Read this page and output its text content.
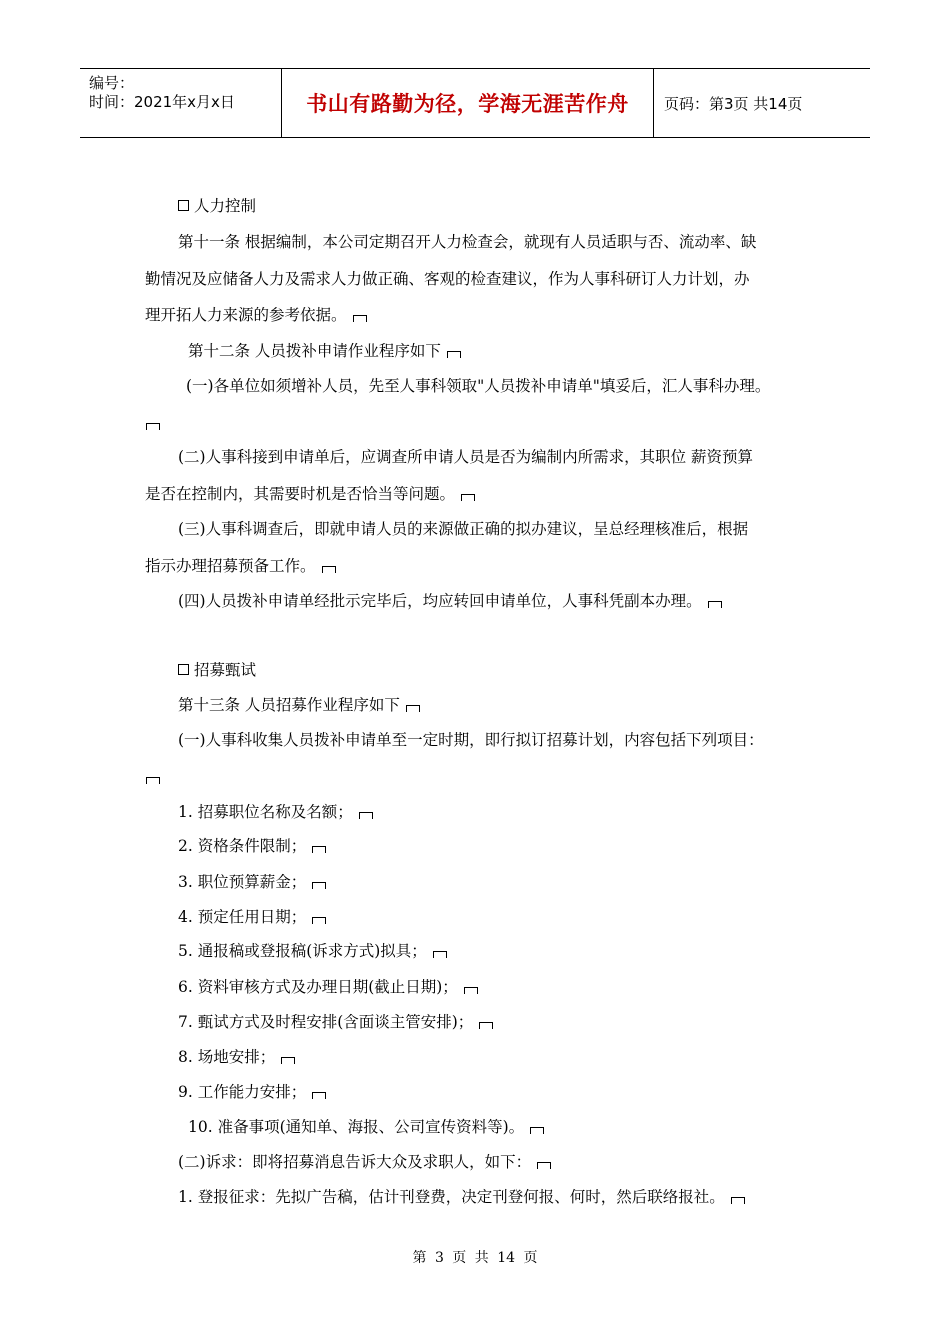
编号：
时间：2021年x月x日	书山有路勤为径，学海无涯苦作舟	页码：第3页 共14页
人力控制
第十一条 根据编制，本公司定期召开人力检查会，就现有人员适职与否、流动率、缺
勤情况及应储备人力及需求人力做正确、客观的检查建议，作为人事科研订人力计划，办
理开拓人力来源的参考依据。
第十二条 人员拨补申请作业程序如下
(一)各单位如须增补人员，先至人事科领取"人员拨补申请单"填妥后，汇人事科办理。
(二)人事科接到申请单后，应调查所申请人员是否为编制内所需求，其职位 薪资预算
是否在控制内，其需要时机是否恰当等问题。
(三)人事科调查后，即就申请人员的来源做正确的拟办建议，呈总经理核准后，根据
指示办理招募预备工作。
(四)人员拨补申请单经批示完毕后，均应转回申请单位，人事科凭副本办理。
招募甄试
第十三条 人员招募作业程序如下
(一)人事科收集人员拨补申请单至一定时期，即行拟订招募计划，内容包括下列项目：
1. 招募职位名称及名额；
2. 资格条件限制；
3. 职位预算薪金；
4. 预定任用日期；
5. 通报稿或登报稿(诉求方式)拟具；
6. 资料审核方式及办理日期(截止日期)；
7. 甄试方式及时程安排(含面谈主管安排)；
8. 场地安排；
9. 工作能力安排；
10. 准备事项(通知单、海报、公司宣传资料等)。
(二)诉求：即将招募消息告诉大众及求职人，如下：
1. 登报征求：先拟广告稿，估计刊登费，决定刊登何报、何时，然后联络报社。
第 3 页 共 14 页
